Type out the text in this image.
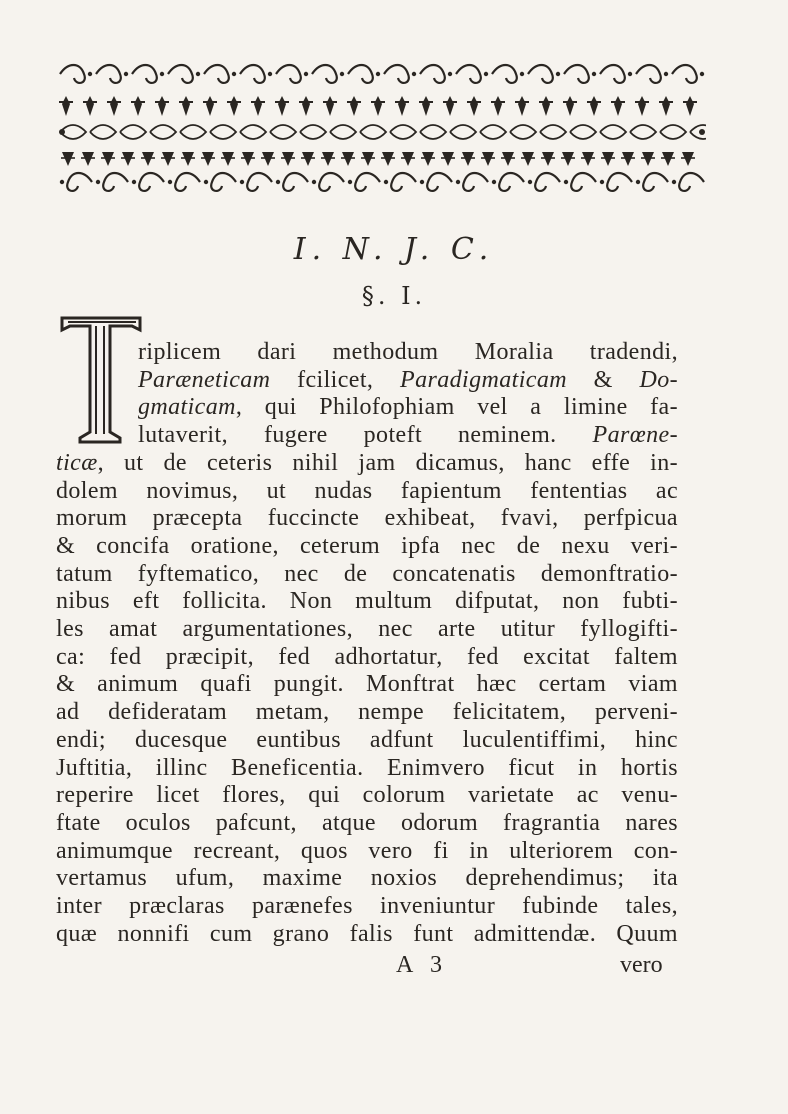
I. N. J. C.
§. I.
riplicem dari methodum Moralia tradendi,
Paræneticam fcilicet, Paradigmaticam & Do-
gmaticam, qui Philofophiam vel a limine fa-
lutaverit, fugere poteft neminem. Parœne-
ticæ, ut de ceteris nihil jam dicamus, hanc effe in-
dolem novimus, ut nudas fapientum fententias ac
morum præcepta fuccincte exhibeat, fvavi, perfpicua
& concifa oratione, ceterum ipfa nec de nexu veri-
tatum fyftematico, nec de concatenatis demonftratio-
nibus eft follicita. Non multum difputat, non fubti-
les amat argumentationes, nec arte utitur fyllogifti-
ca: fed præcipit, fed adhortatur, fed excitat faltem
& animum quafi pungit. Monftrat hæc certam viam
ad defideratam metam, nempe felicitatem, perveni-
endi; ducesque euntibus adfunt luculentiffimi, hinc
Juftitia, illinc Beneficentia. Enimvero ficut in hortis
reperire licet flores, qui colorum varietate ac venu-
ftate oculos pafcunt, atque odorum fragrantia nares
animumque recreant, quos vero fi in ulteriorem con-
vertamus ufum, maxime noxios deprehendimus; ita
inter præclaras parænefes inveniuntur fubinde tales,
quæ nonnifi cum grano falis funt admittendæ. Quum
A 3	vero
